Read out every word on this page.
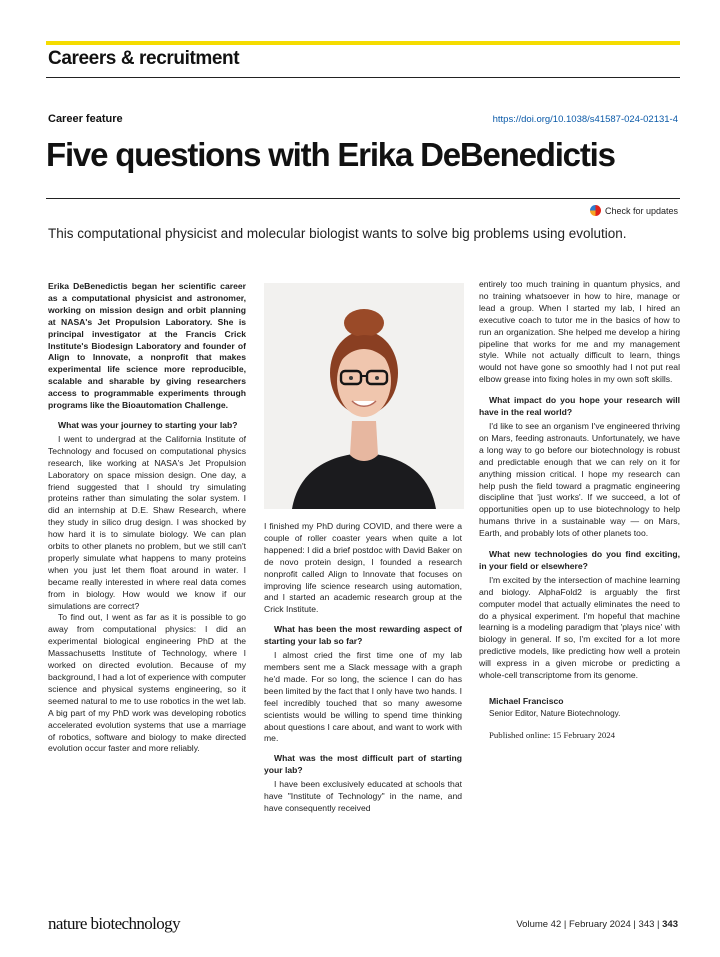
Careers & recruitment
Career feature	https://doi.org/10.1038/s41587-024-02131-4
Five questions with Erika DeBenedictis
Check for updates

This computational physicist and molecular biologist wants to solve big problems using evolution.

Erika DeBenedictis began her scientific career as a computational physicist and astronomer, working on mission design and orbit planning at NASA's Jet Propulsion Laboratory. She is principal investigator at the Francis Crick Institute's Biodesign Laboratory and founder of Align to Innovate, a nonprofit that makes experimental life science more reproducible, scalable and sharable by giving researchers access to programmable experiments through programs like the Bioautomation Challenge.

What was your journey to starting your lab?

I went to undergrad at the California Institute of Technology and focused on computational physics research, like working at NASA's Jet Propulsion Laboratory on space mission design. One day, a friend suggested that I should try simulating proteins rather than simulating the solar system. I did an internship at D.E. Shaw Research, where they study in silico drug design. I was shocked by how hard it is to simulate biology. We can plan orbits to other planets no problem, but we still can't properly simulate what happens to many proteins when you just let them float around in water. I became really interested in where real data comes from in biology. How would we know if our simulations are correct?

To find out, I went as far as it is possible to go away from computational physics: I did an experimental biological engineering PhD at the Massachusetts Institute of Technology, where I worked on directed evolution. Because of my background, I had a lot of experience with computer science and physical systems engineering, so it seemed natural to me to use robotics in the wet lab. A big part of my PhD work was developing robotics accelerated evolution systems that use a marriage of robotics, software and biology to make directed evolution occur faster and more reliably.

I finished my PhD during COVID, and there were a couple of roller coaster years when quite a lot happened: I did a brief postdoc with David Baker on de novo protein design, I founded a research nonprofit called Align to Innovate that focuses on improving life science research using automation, and I started an academic research group at the Crick Institute.

What has been the most rewarding aspect of starting your lab so far?

I almost cried the first time one of my lab members sent me a Slack message with a graph he'd made. For so long, the science I can do has been limited by the fact that I only have two hands. I feel incredibly touched that so many awesome scientists would be willing to spend time thinking about questions I care about, and want to work with me.

What was the most difficult part of starting your lab?

I have been exclusively educated at schools that have "Institute of Technology" in the name, and have consequently received

entirely too much training in quantum physics, and no training whatsoever in how to hire, manage or lead a group. When I started my lab, I hired an executive coach to tutor me in the basics of how to run an organization. She helped me develop a hiring pipeline that works for me and my management style. While not actually difficult to learn, things would not have gone so smoothly had I not put real elbow grease into fixing holes in my own soft skills.

What impact do you hope your research will have in the real world?

I'd like to see an organism I've engineered thriving on Mars, feeding astronauts. Unfortunately, we have a long way to go before our biotechnology is robust and predictable enough that we can rely on it for anything mission critical. I hope my research can help push the field toward a pragmatic engineering discipline that 'just works'. If we succeed, a lot of opportunities open up to use biotechnology to help humans thrive in a sustainable way — on Mars, Earth, and probably lots of other planets too.

What new technologies do you find exciting, in your field or elsewhere?

I'm excited by the intersection of machine learning and biology. AlphaFold2 is arguably the first computer model that actually eliminates the need to do a physical experiment. I'm hopeful that machine learning is a modeling paradigm that 'plays nice' with biology in general. If so, I'm excited for a lot more predictive models, like predicting how well a protein will express in a given microbe or predicting a whole-cell transcriptome from its genome.

Michael Francisco

Senior Editor, Nature Biotechnology.

Published online: 15 February 2024

nature biotechnology	Volume 42 | February 2024 | 343 | 343
